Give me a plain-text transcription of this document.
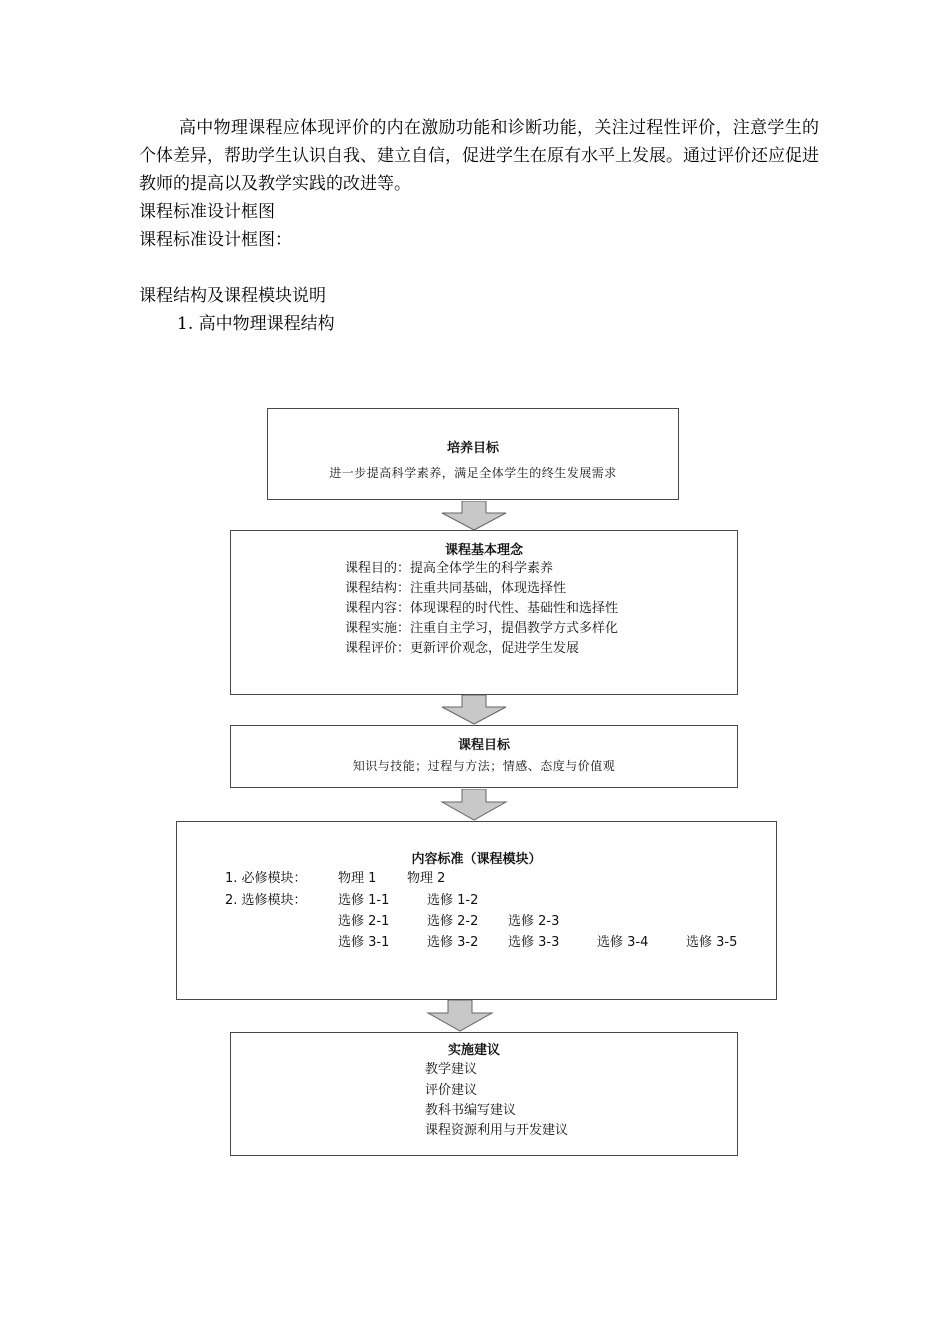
高中物理课程应体现评价的内在激励功能和诊断功能，关注过程性评价，注意学生的个体差异，帮助学生认识自我、建立自信，促进学生在原有水平上发展。通过评价还应促进教师的提高以及教学实践的改进等。
课程标准设计框图
课程标准设计框图：
课程结构及课程模块说明
1. 高中物理课程结构
培养目标
进一步提高科学素养，满足全体学生的终生发展需求
课程基本理念
课程目的：提高全体学生的科学素养
课程结构：注重共同基础，体现选择性
课程内容：体现课程的时代性、基础性和选择性
课程实施：注重自主学习，提倡教学方式多样化
课程评价：更新评价观念，促进学生发展
课程目标
知识与技能；过程与方法；情感、态度与价值观
内容标准（课程模块）
1. 必修模块： 物理 1 物理 2
2. 选修模块： 选修 1-1	选修 1-2
选修 2-1	选修 2-2 选修 2-3
选修 3-1	选修 3-2 选修 3-3	选修 3-4	选修 3-5
实施建议
教学建议
评价建议
教科书编写建议
课程资源利用与开发建议
